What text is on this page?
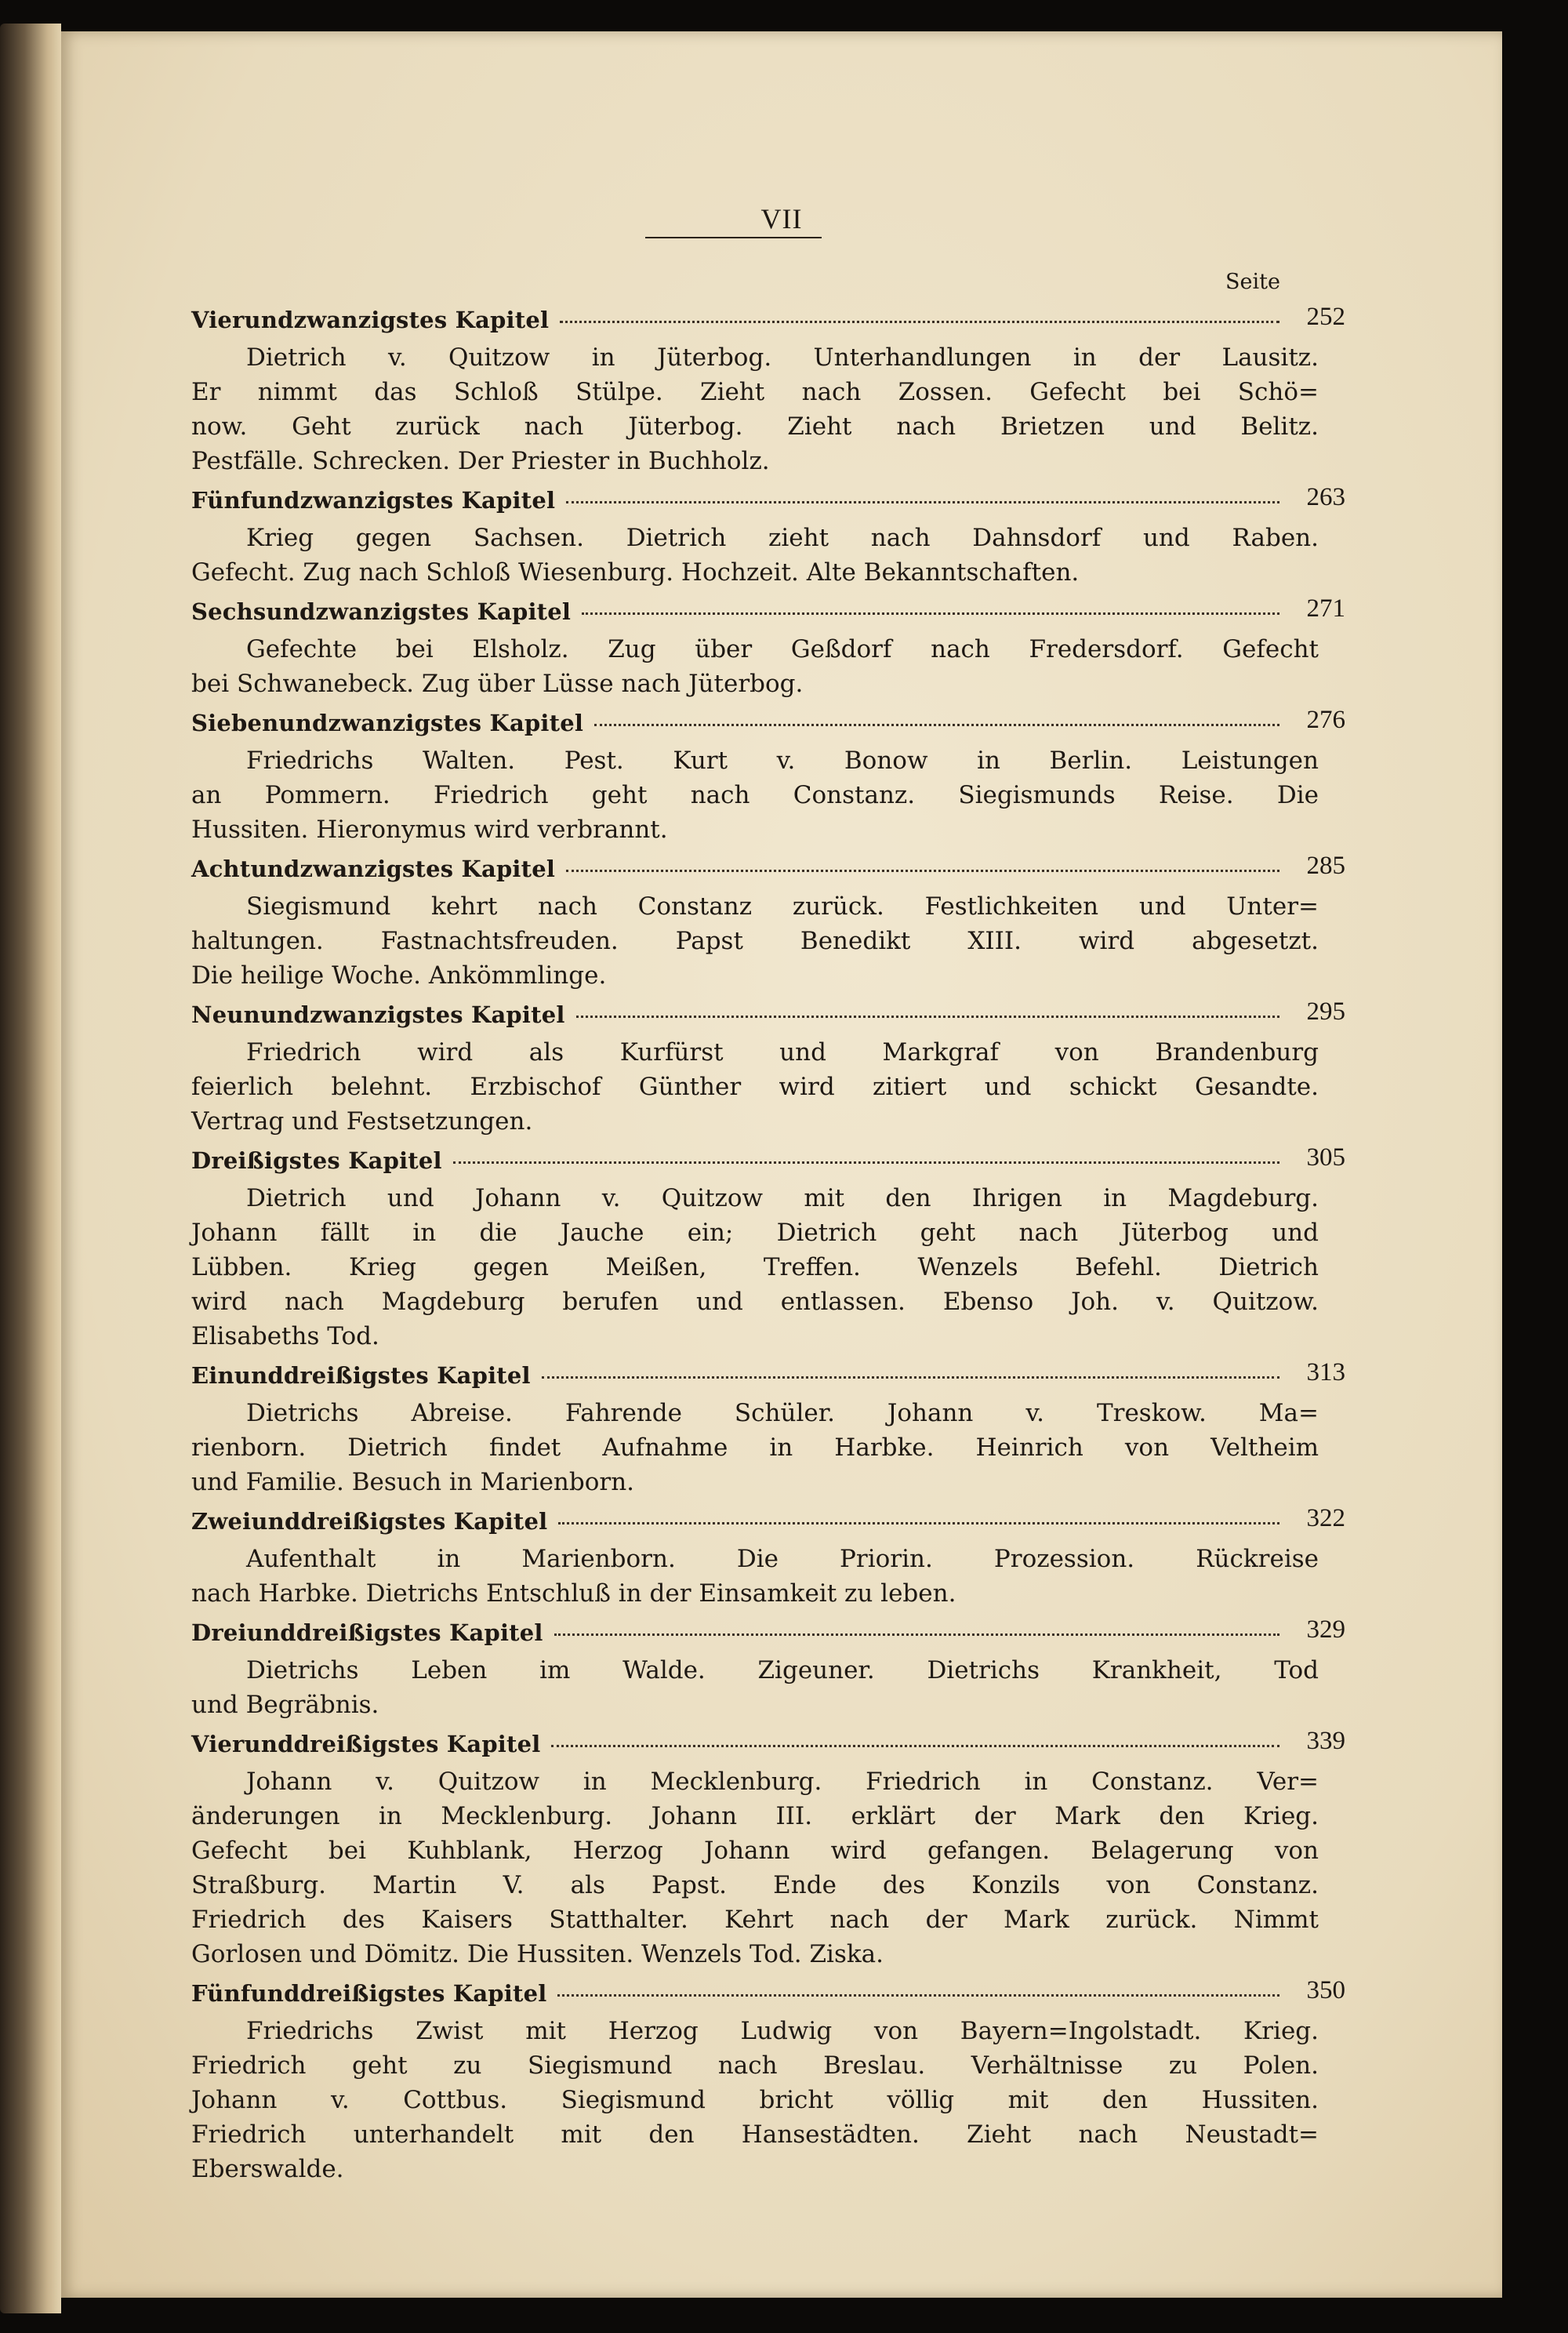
VII
Seite
Vierundzwanzigstes Kapitel	252
Dietrich v. Quitzow in Jüterbog. Unterhandlungen in der Lausitz.
Er nimmt das Schloß Stülpe. Zieht nach Zossen. Gefecht bei Schö=
now. Geht zurück nach Jüterbog. Zieht nach Brietzen und Belitz.
Pestfälle. Schrecken. Der Priester in Buchholz.
Fünfundzwanzigstes Kapitel	263
Krieg gegen Sachsen. Dietrich zieht nach Dahnsdorf und Raben.
Gefecht. Zug nach Schloß Wiesenburg. Hochzeit. Alte Bekanntschaften.
Sechsundzwanzigstes Kapitel	271
Gefechte bei Elsholz. Zug über Geßdorf nach Fredersdorf. Gefecht
bei Schwanebeck. Zug über Lüsse nach Jüterbog.
Siebenundzwanzigstes Kapitel	276
Friedrichs Walten. Pest. Kurt v. Bonow in Berlin. Leistungen
an Pommern. Friedrich geht nach Constanz. Siegismunds Reise. Die
Hussiten. Hieronymus wird verbrannt.
Achtundzwanzigstes Kapitel	285
Siegismund kehrt nach Constanz zurück. Festlichkeiten und Unter=
haltungen. Fastnachtsfreuden. Papst Benedikt XIII. wird abgesetzt.
Die heilige Woche. Ankömmlinge.
Neunundzwanzigstes Kapitel	295
Friedrich wird als Kurfürst und Markgraf von Brandenburg
feierlich belehnt. Erzbischof Günther wird zitiert und schickt Gesandte.
Vertrag und Festsetzungen.
Dreißigstes Kapitel	305
Dietrich und Johann v. Quitzow mit den Ihrigen in Magdeburg.
Johann fällt in die Jauche ein; Dietrich geht nach Jüterbog und
Lübben. Krieg gegen Meißen, Treffen. Wenzels Befehl. Dietrich
wird nach Magdeburg berufen und entlassen. Ebenso Joh. v. Quitzow.
Elisabeths Tod.
Einunddreißigstes Kapitel	313
Dietrichs Abreise. Fahrende Schüler. Johann v. Treskow. Ma=
rienborn. Dietrich findet Aufnahme in Harbke. Heinrich von Veltheim
und Familie. Besuch in Marienborn.
Zweiunddreißigstes Kapitel	322
Aufenthalt in Marienborn. Die Priorin. Prozession. Rückreise
nach Harbke. Dietrichs Entschluß in der Einsamkeit zu leben.
Dreiunddreißigstes Kapitel	329
Dietrichs Leben im Walde. Zigeuner. Dietrichs Krankheit, Tod
und Begräbnis.
Vierunddreißigstes Kapitel	339
Johann v. Quitzow in Mecklenburg. Friedrich in Constanz. Ver=
änderungen in Mecklenburg. Johann III. erklärt der Mark den Krieg.
Gefecht bei Kuhblank, Herzog Johann wird gefangen. Belagerung von
Straßburg. Martin V. als Papst. Ende des Konzils von Constanz.
Friedrich des Kaisers Statthalter. Kehrt nach der Mark zurück. Nimmt
Gorlosen und Dömitz. Die Hussiten. Wenzels Tod. Ziska.
Fünfunddreißigstes Kapitel	350
Friedrichs Zwist mit Herzog Ludwig von Bayern=Ingolstadt. Krieg.
Friedrich geht zu Siegismund nach Breslau. Verhältnisse zu Polen.
Johann v. Cottbus. Siegismund bricht völlig mit den Hussiten.
Friedrich unterhandelt mit den Hansestädten. Zieht nach Neustadt=
Eberswalde.
